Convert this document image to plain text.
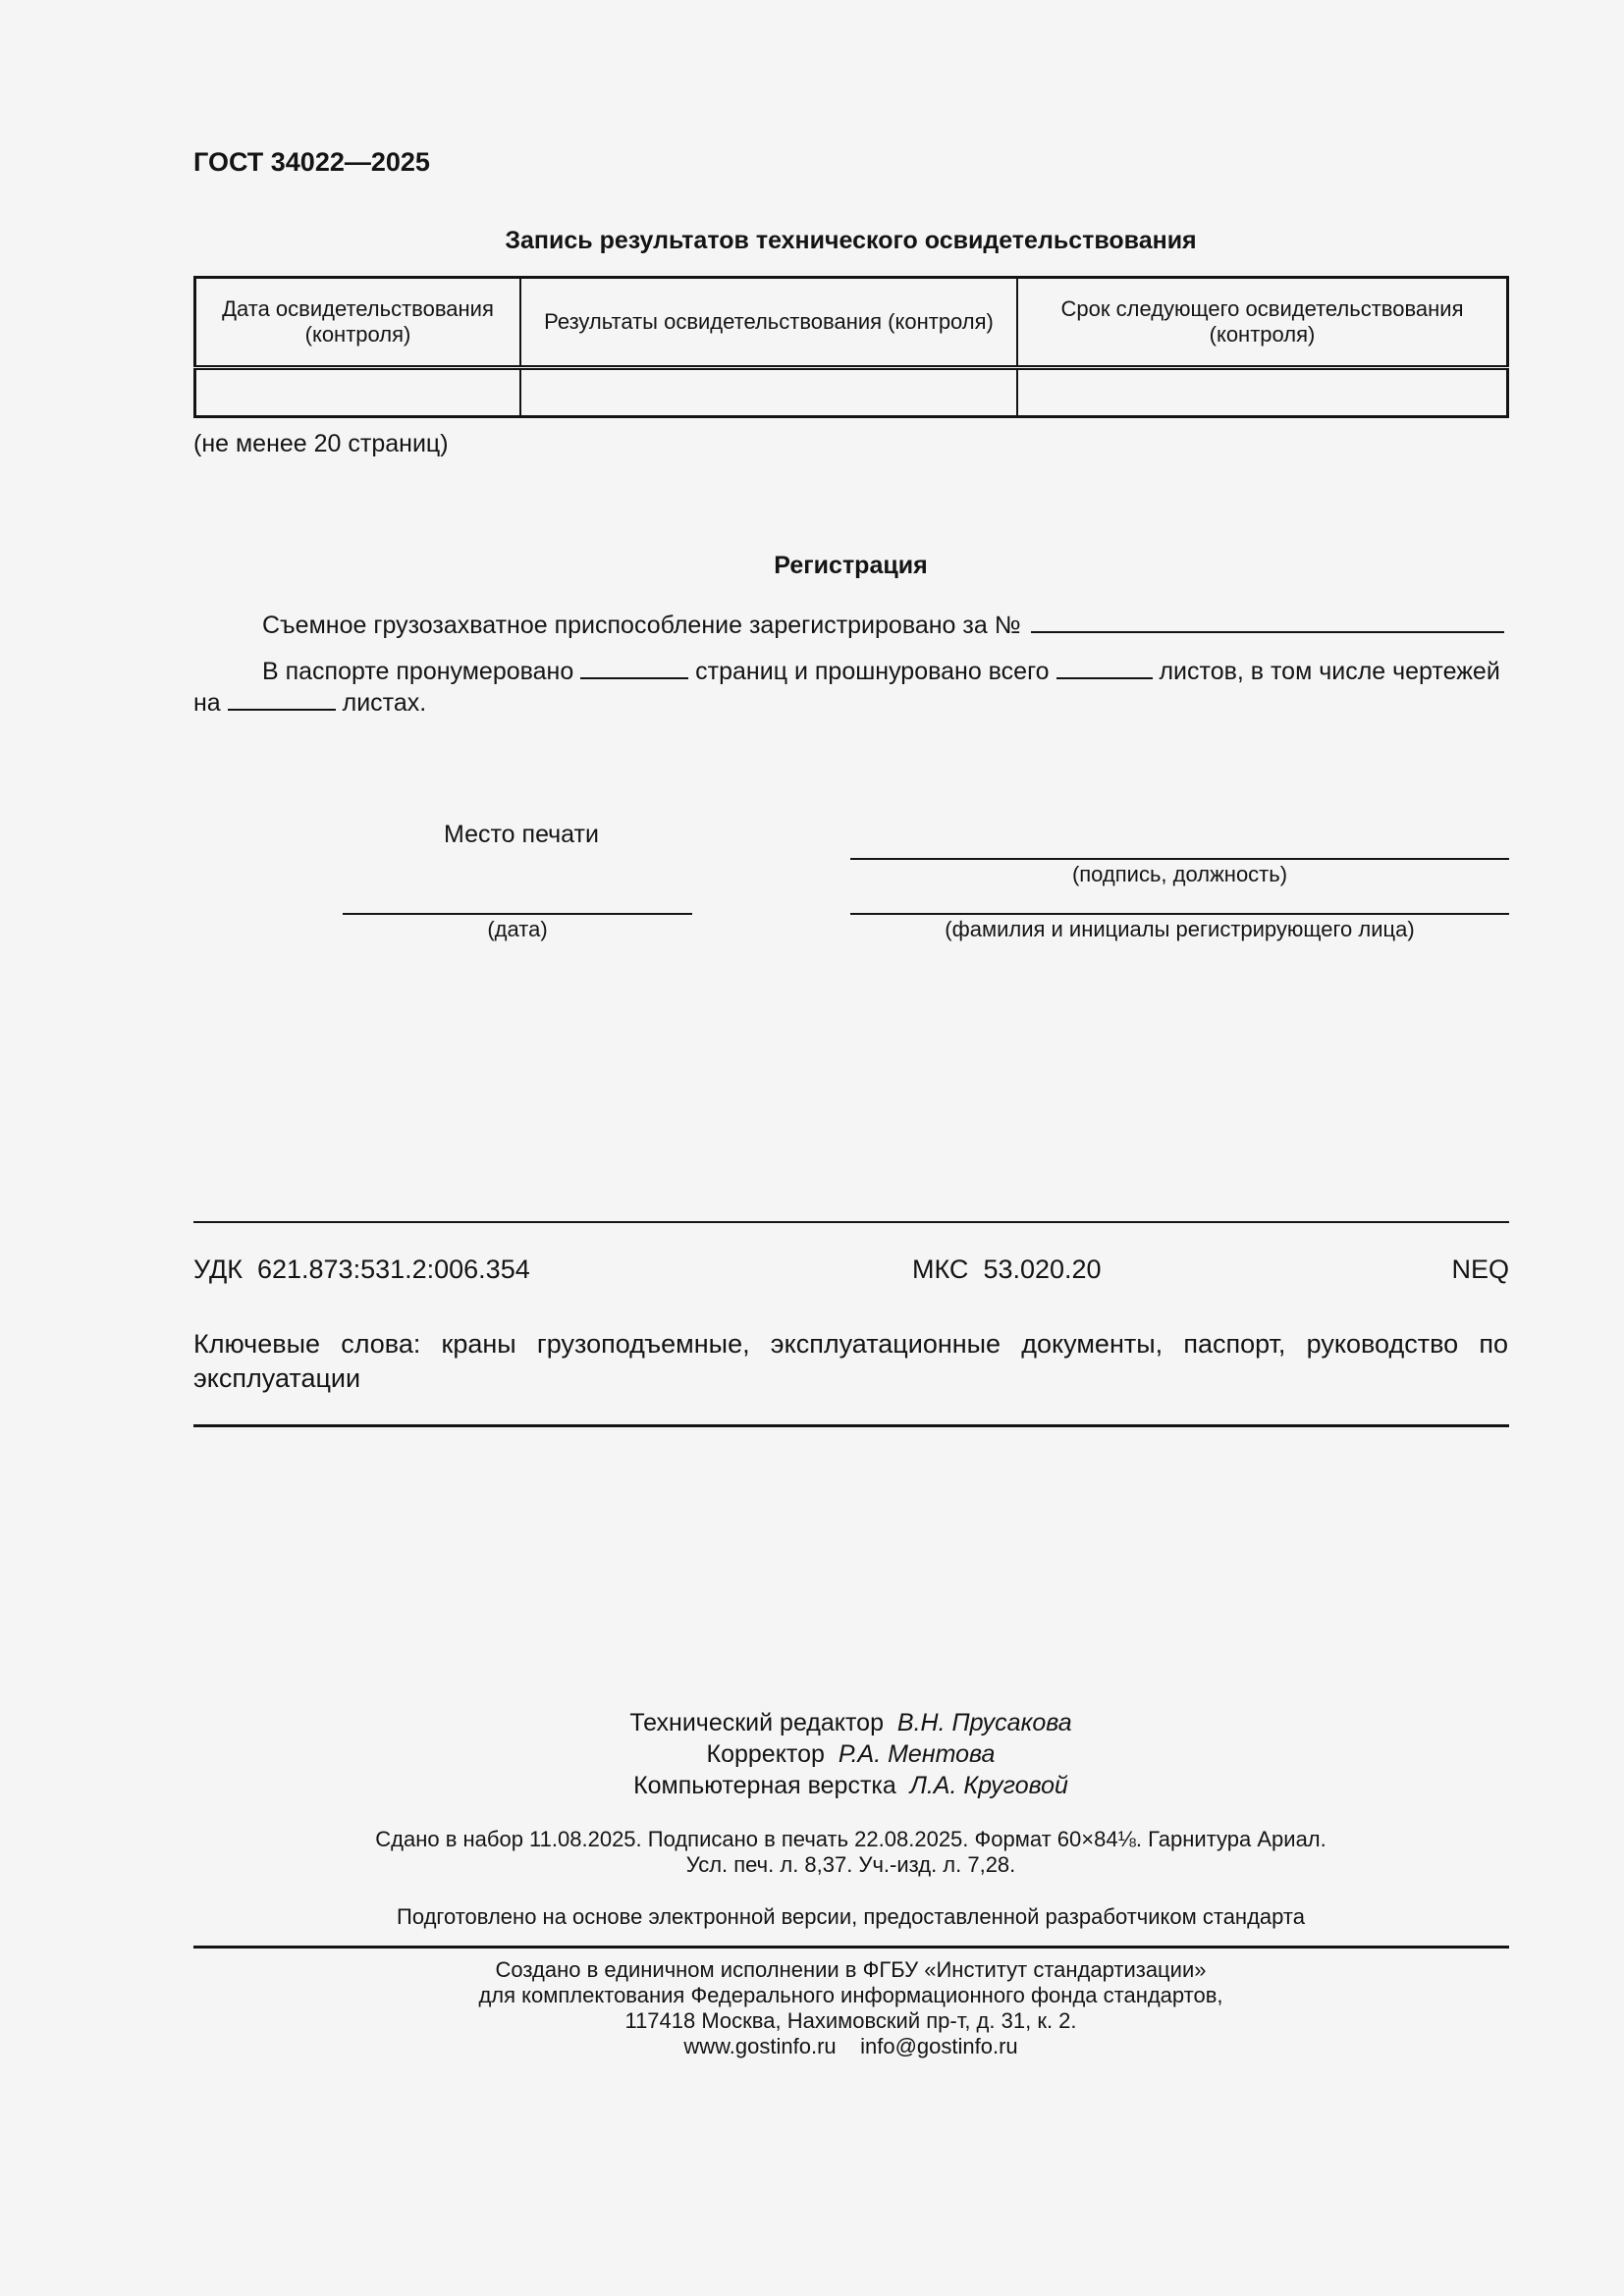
ГОСТ 34022—2025
Запись результатов технического освидетельствования
Дата освидетельствования (контроля)	Результаты освидетельствования (контроля)	Срок следующего освидетельствования (контроля)

(не менее 20 страниц)
Регистрация
Съемное грузозахватное приспособление зарегистрировано за №
В паспорте пронумеровано	страниц и прошнуровано всего	листов, в том числе чертежей
на	листах.
Место печати
(подпись, должность)
(дата)	(фамилия и инициалы регистрирующего лица)
УДК 621.873:531.2:006.354	МКС 53.020.20	NEQ
Ключевые слова: краны грузоподъемные, эксплуатационные документы, паспорт, руководство по эксплуатации
Технический редактор В.Н. Прусакова
Корректор Р.А. Ментова
Компьютерная верстка Л.А. Круговой
Сдано в набор 11.08.2025. Подписано в печать 22.08.2025. Формат 60×84⅛. Гарнитура Ариал.
Усл. печ. л. 8,37. Уч.-изд. л. 7,28.
Подготовлено на основе электронной версии, предоставленной разработчиком стандарта
Создано в единичном исполнении в ФГБУ «Институт стандартизации»
для комплектования Федерального информационного фонда стандартов,
117418 Москва, Нахимовский пр-т, д. 31, к. 2.
www.gostinfo.ru info@gostinfo.ru
